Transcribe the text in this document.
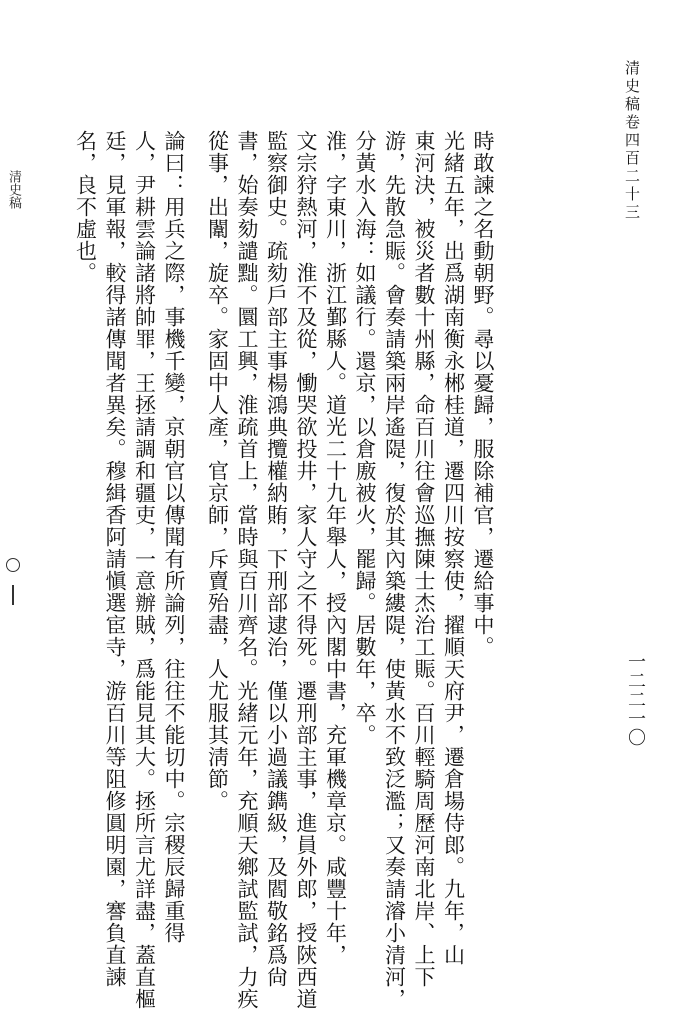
清史稿卷四百二十三
一二二一〇
清史稿	時敢諫之名動朝野。尋以憂歸，服除補官，遷給事中。
光緒五年，出爲湖南衡永郴桂道，遷四川按察使，擢順天府尹，遷倉場侍郎。九年，山
東河決，被災者數十州縣，命百川往會巡撫陳士杰治工賑。百川輕騎周歷河南北岸、上下
游，先散急賑。會奏請築兩岸遙隄，復於其內築縷隄，使黃水不致泛濫；又奏請濬小清河，
分黃水入海：如議行。還京，以倉廒被火，罷歸。居數年，卒。
淮，字東川，浙江鄞縣人。道光二十九年舉人，授內閣中書，充軍機章京。咸豐十年，
文宗狩熱河，淮不及從，慟哭欲投井，家人守之不得死。遷刑部主事，進員外郎，授陝西道
監察御史。疏劾戶部主事楊鴻典攬權納賄，下刑部逮治，僅以小過議鐫級，及閻敬銘爲尙
書，始奏劾譴黜。圜工興，淮疏首上，當時與百川齊名。光緒元年，充順天鄉試監試，力疾
從事，出闈，旋卒。家固中人產，官京師，斥賣殆盡，人尤服其淸節。
論曰：用兵之際，事機千變，京朝官以傳聞有所論列，往往不能切中。宗稷辰歸重得
人，尹耕雲論諸將帥罪，王拯請調和疆吏，一意辦賊，爲能見其大。拯所言尤詳盡，蓋直樞
廷，見軍報，較得諸傳聞者異矣。穆緝香阿請愼選宦寺，游百川等阻修圓明園，謇負直諫
名，良不虛也。
